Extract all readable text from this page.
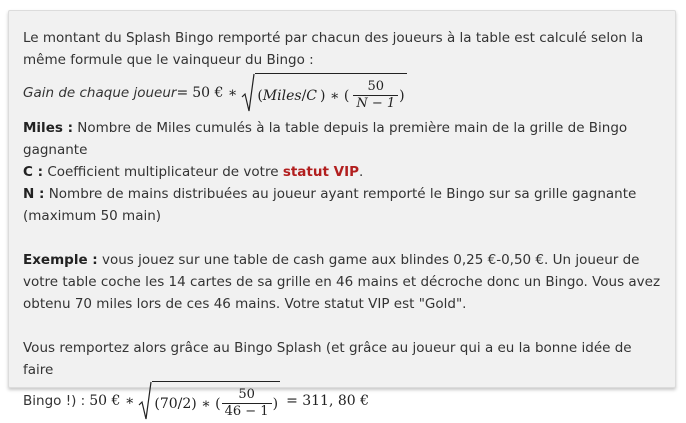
Le montant du Splash Bingo remporté par chacun des joueurs à la table est calculé selon la même formule que le vainqueur du Bingo :

Gain de chaque joueur = 50 € ∗ ( Miles / C ) ∗ ( $\frac{50}{N - 1}$ )

Miles : Nombre de Miles cumulés à la table depuis la première main de la grille de Bingo gagnante

C : Coefficient multiplicateur de votre statut VIP.

N : Nombre de mains distribuées au joueur ayant remporté le Bingo sur sa grille gagnante (maximum 50 main)

Exemple : vous jouez sur une table de cash game aux blindes 0,25 €-0,50 €. Un joueur de votre table coche les 14 cartes de sa grille en 46 mains et décroche donc un Bingo. Vous avez obtenu 70 miles lors de ces 46 mains. Votre statut VIP est "Gold".

Vous remportez alors grâce au Bingo Splash (et grâce au joueur qui a eu la bonne idée de faire

Bingo !) : 50 € ∗ (70/2) ∗ ( $\frac{50}{46 - 1}$ ) = 311, 80 €
